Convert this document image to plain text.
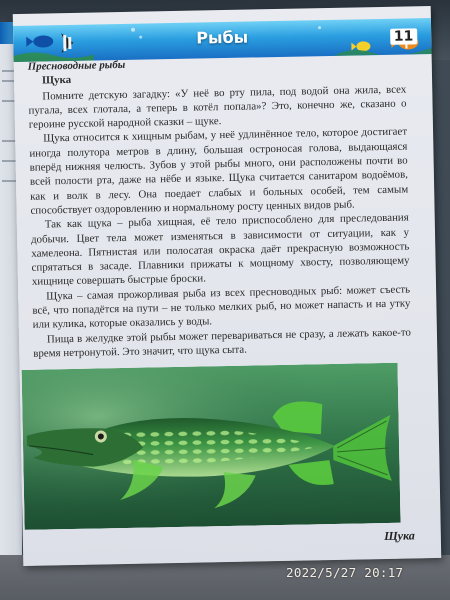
Рыбы	11

Пресноводные рыбы

Щука

Помните детскую загадку: «У неё во рту пила, под водой она жила, всех пугала, всех глотала, а теперь в котёл попала»? Это, конечно же, сказано о героине русской народной сказки – щуке.

Щука относится к хищным рыбам, у неё удлинённое тело, которое достигает иногда полутора метров в длину, большая остроносая голова, выдающаяся вперёд нижняя челюсть. Зубов у этой рыбы много, они расположены почти во всей полости рта, даже на нёбе и языке. Щука считается санитаром водоёмов, как и волк в лесу. Она поедает слабых и больных особей, тем самым способствует оздоровлению и нормальному росту ценных видов рыб.

Так как щука – рыба хищная, её тело приспособлено для преследования добычи. Цвет тела может изменяться в зависимости от ситуации, как у хамелеона. Пятнистая или полосатая окраска даёт прекрасную возможность спрятаться в засаде. Плавники прижаты к мощному хвосту, позволяющему хищнице совершать быстрые броски.

Щука – самая прожорливая рыба из всех пресноводных рыб: может съесть всё, что попадётся на пути – не только мелких рыб, но может напасть и на утку или кулика, которые оказались у воды.

Пища в желудке этой рыбы может перевариваться не сразу, а лежать какое-то время нетронутой. Это значит, что щука сыта.

Щука
2022/5/27 20:17
